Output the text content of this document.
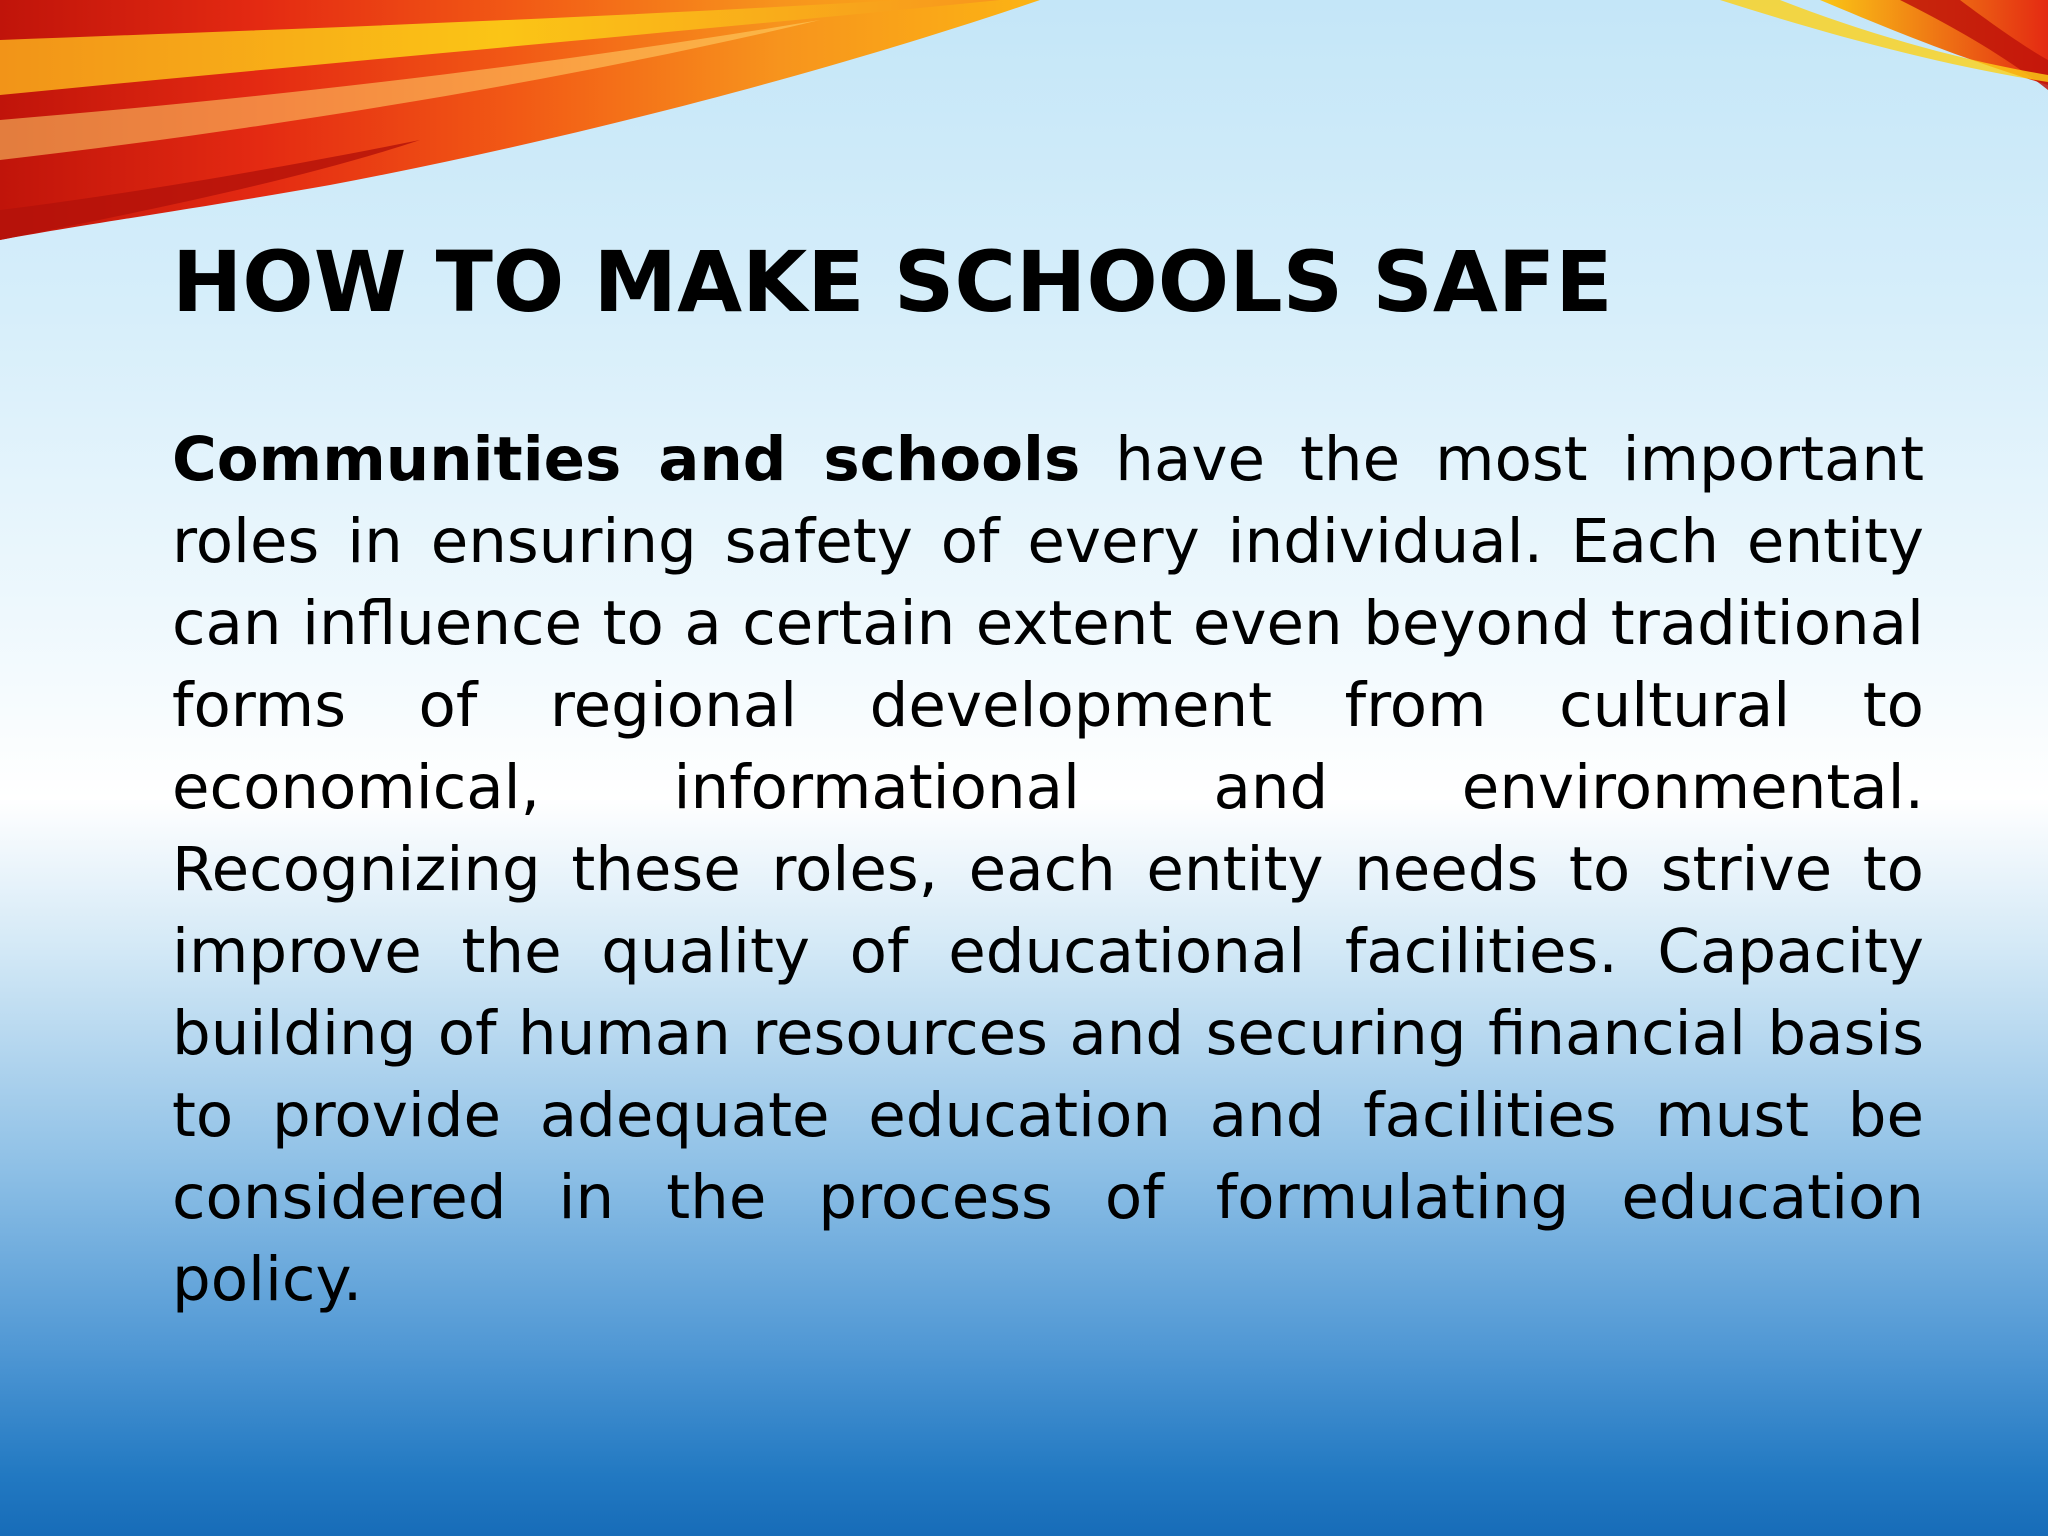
HOW TO MAKE SCHOOLS SAFE

Communities and schools have the most important roles in ensuring safety of every individual. Each entity can influence to a certain extent even beyond traditional forms of regional development from cultural to economical, informational and environmental. Recognizing these roles, each entity needs to strive to improve the quality of educational facilities. Capacity building of human resources and securing financial basis to provide adequate education and facilities must be considered in the process of formulating education policy.
